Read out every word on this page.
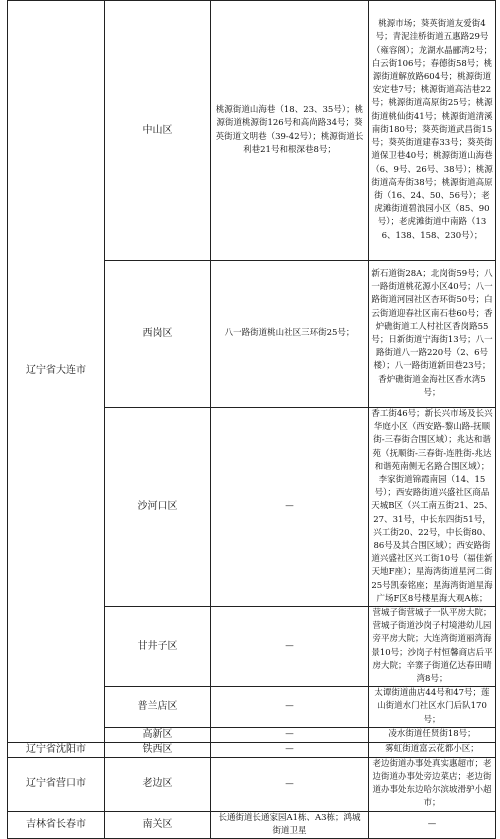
辽宁省大连市	中山区	桃源街道山海巷（18、23、35号）；桃源街道桃源街126号和高尚路34号；葵英街道文明巷（39-42号）；桃源街道长利巷21号和根深巷8号；	桃源市场；葵英街道友爱街4号；青泥洼桥街道五惠路29号（雍容阁）；龙湖水晶郦湾2号；白云街106号；春德街58号；桃源街道解放路604号；桃源街道安定巷7号；桃源街道高洁巷22号；桃源街道高原街25号；桃源街道桃仙街41号；桃源街道清溪南街180号；葵英街道武昌街15号；葵英街道建春33号；葵英街道保卫巷40号；桃源街道山海巷（6、9号、26号、38号）；桃源街道高寿街38号；桃源街道高原街（16、24、50、56号）；老虎滩街道碧浪园小区（85、90号）；老虎滩街道中南路（136、138、158、230号）；
	西岗区	八一路街道桃山社区三环街25号；	新石道街28A；北岗街59号；八一路街道桃花源小区40号；八一路街道河园社区杏环街50号；白云街道迎春社区南石巷60号；香炉礁街道工人村社区香岗路55号；日新街道宁海街13号；八一路街道八一路220号（2、6号楼）；八一路街道新田巷23号；香炉礁街道金海社区香水湾5号；
	沙河口区	—	香工街46号；新长兴市场及长兴华庭小区（西安路-黎山路-抚顺街-三春街合围区域）；兆达和谐苑（抚顺街-三春街-连胜街-兆达和谐苑南侧无名路合围区域）；李家街道锦霞南园（14、15号）；西安路街道兴盛社区商品天城B区（兴工南五街21、25、27、31号，中长东四街51号，兴工街20、22号，中长街80、86号及其合围区域）；西安路街道兴盛社区兴工街10号（福佳新天地F座）；星海湾街道星河二街25号凯泰铭座；星海湾街道星海广场F区8号楼星海大观A栋；
	甘井子区	—	营城子街营城子一队平房大院；营城子街道沙岗子村境港幼儿园旁平房大院；大连湾街道丽湾海景10号；沙岗子村恒馨商店后平房大院；辛寨子街道亿达春田晴湾8号；
	普兰店区	—	太谭街道曲店44号和47号；莲山街道水门社区水门后队170号；
	高新区	—	凌水街道任贤街18号；
辽宁省沈阳市	铁西区	—	雾虹街道富云花都小区；
辽宁省营口市	老边区	—	老边街道办事处真实惠超市；老边街道办事处旁边菜店；老边街道办事处东边哈尔滨坡滑驴小超市；
吉林省长春市	南关区	长通街道长通家园A1栋、A3栋；鸿城街道卫星	—
